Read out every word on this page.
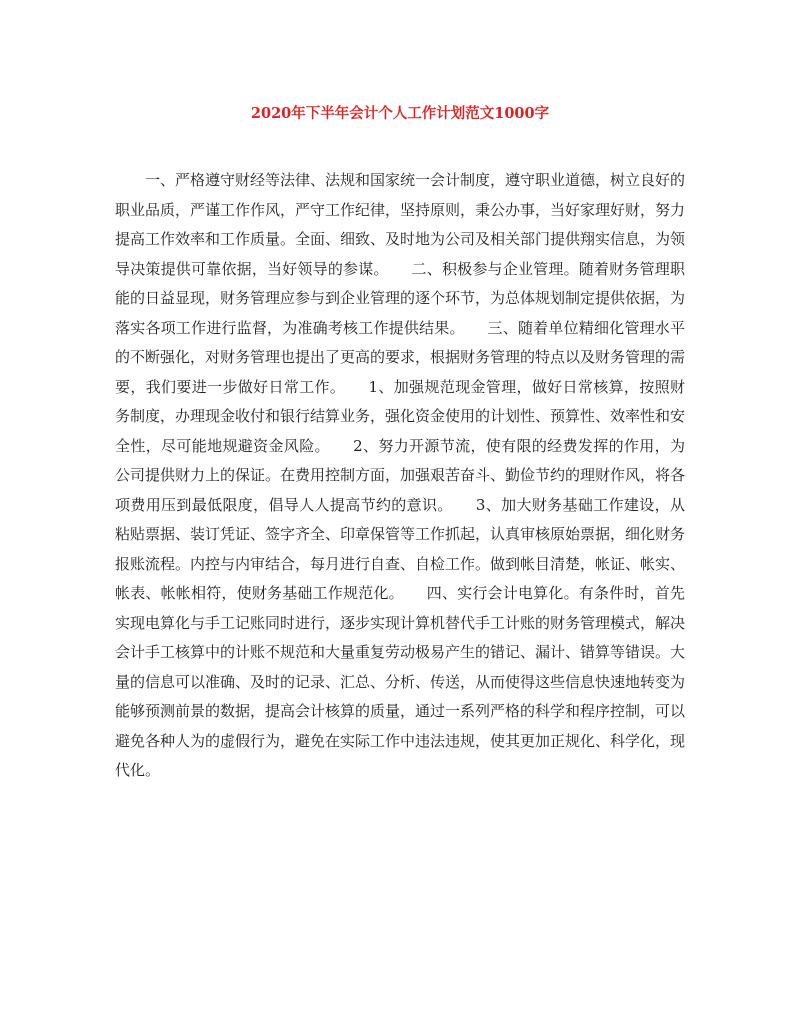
2020年下半年会计个人工作计划范文1000字

一、严格遵守财经等法律、法规和国家统一会计制度，遵守职业道德，树立良好的职业品质，严谨工作作风，严守工作纪律，坚持原则，秉公办事，当好家理好财，努力提高工作效率和工作质量。全面、细致、及时地为公司及相关部门提供翔实信息，为领导决策提供可靠依据，当好领导的参谋。　　二、积极参与企业管理。随着财务管理职能的日益显现，财务管理应参与到企业管理的逐个环节，为总体规划制定提供依据，为落实各项工作进行监督，为准确考核工作提供结果。　　三、随着单位精细化管理水平的不断强化，对财务管理也提出了更高的要求，根据财务管理的特点以及财务管理的需要，我们要进一步做好日常工作。　　1、加强规范现金管理，做好日常核算，按照财务制度，办理现金收付和银行结算业务，强化资金使用的计划性、预算性、效率性和安全性，尽可能地规避资金风险。　　2、努力开源节流，使有限的经费发挥的作用，为公司提供财力上的保证。在费用控制方面，加强艰苦奋斗、勤俭节约的理财作风，将各项费用压到最低限度，倡导人人提高节约的意识。　　3、加大财务基础工作建设，从粘贴票据、装订凭证、签字齐全、印章保管等工作抓起，认真审核原始票据，细化财务报账流程。内控与内审结合，每月进行自查、自检工作。做到帐目清楚，帐证、帐实、帐表、帐帐相符，使财务基础工作规范化。　　四、实行会计电算化。有条件时，首先实现电算化与手工记账同时进行，逐步实现计算机替代手工计账的财务管理模式，解决会计手工核算中的计账不规范和大量重复劳动极易产生的错记、漏计、错算等错误。大量的信息可以准确、及时的记录、汇总、分析、传送，从而使得这些信息快速地转变为能够预测前景的数据，提高会计核算的质量，通过一系列严格的科学和程序控制，可以避免各种人为的虚假行为，避免在实际工作中违法违规，使其更加正规化、科学化，现代化。
